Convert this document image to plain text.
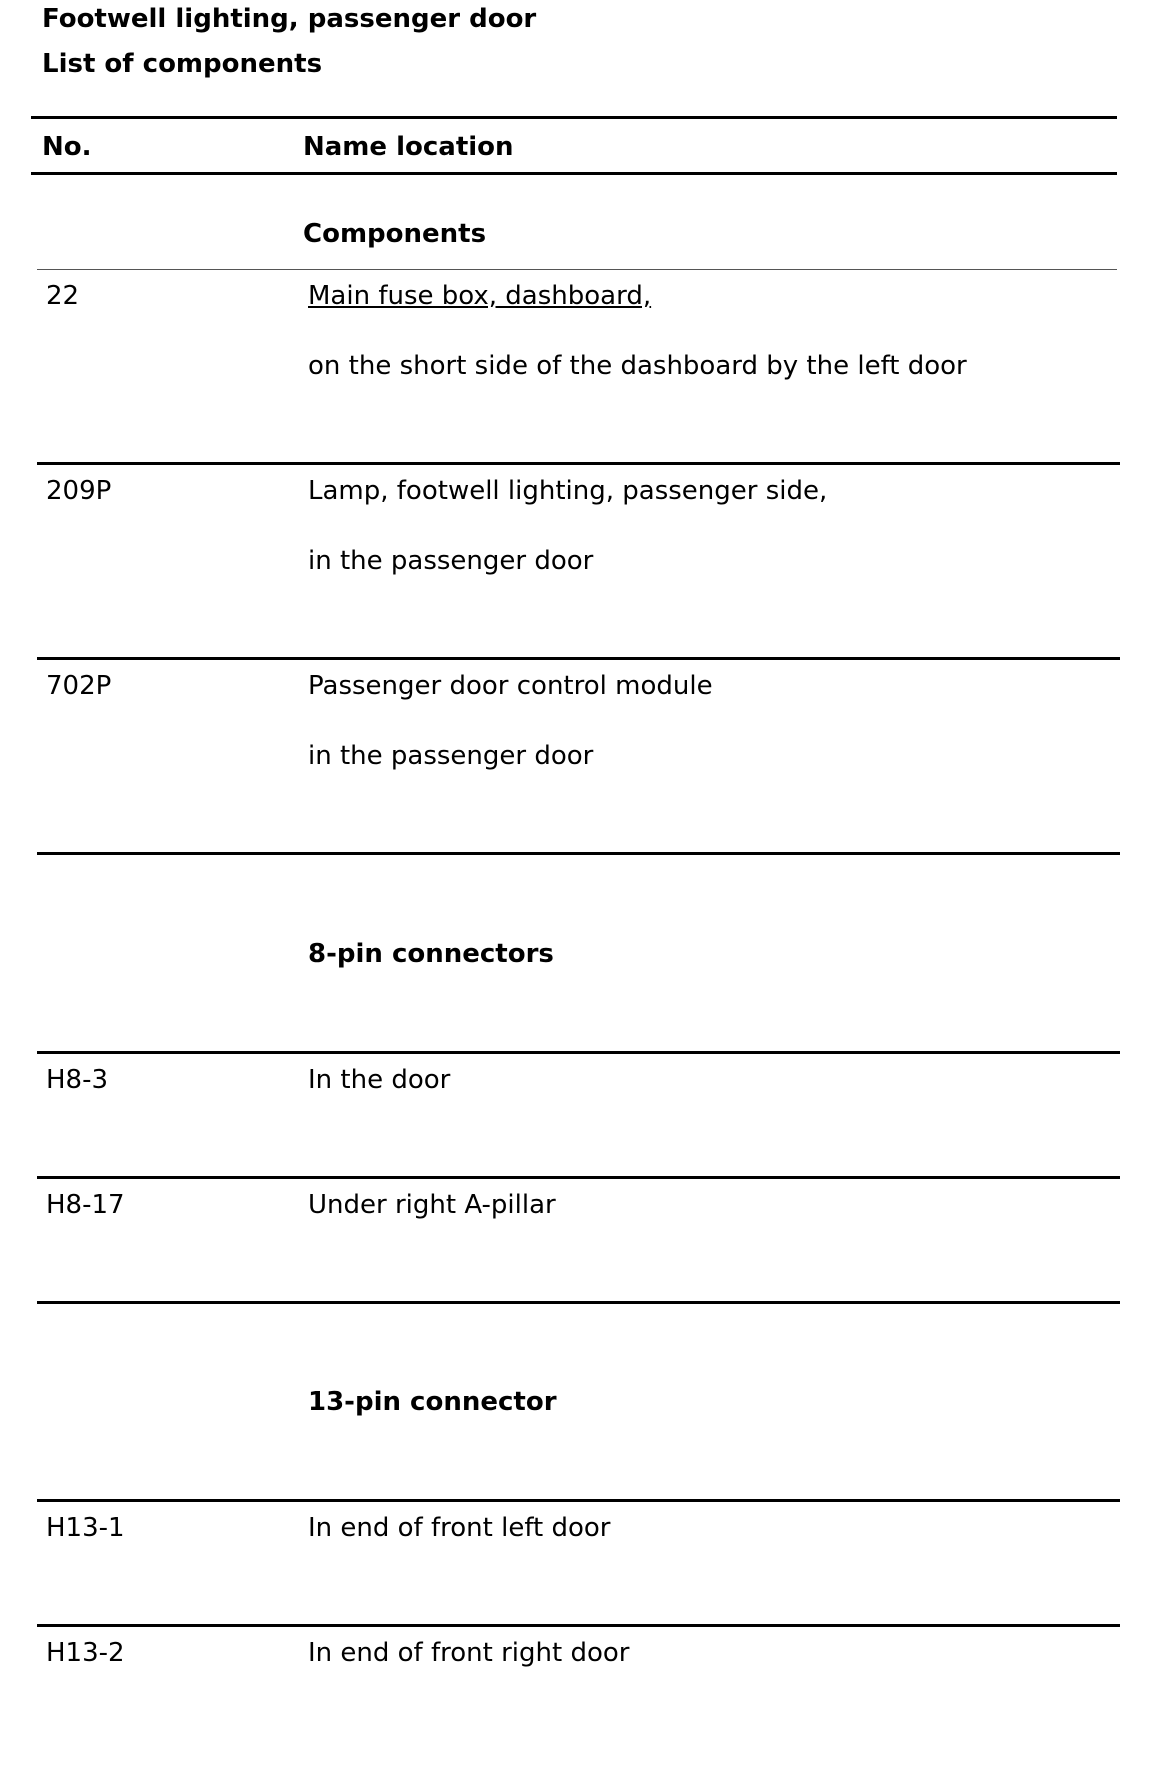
Footwell lighting, passenger door
List of components
No.	Name location
Components
22	Main fuse box, dashboard,
on the short side of the dashboard by the left door
209P	Lamp, footwell lighting, passenger side,
in the passenger door
702P	Passenger door control module
in the passenger door
8-pin connectors
H8-3	In the door
H8-17	Under right A-pillar
13-pin connector
H13-1	In end of front left door
H13-2	In end of front right door
